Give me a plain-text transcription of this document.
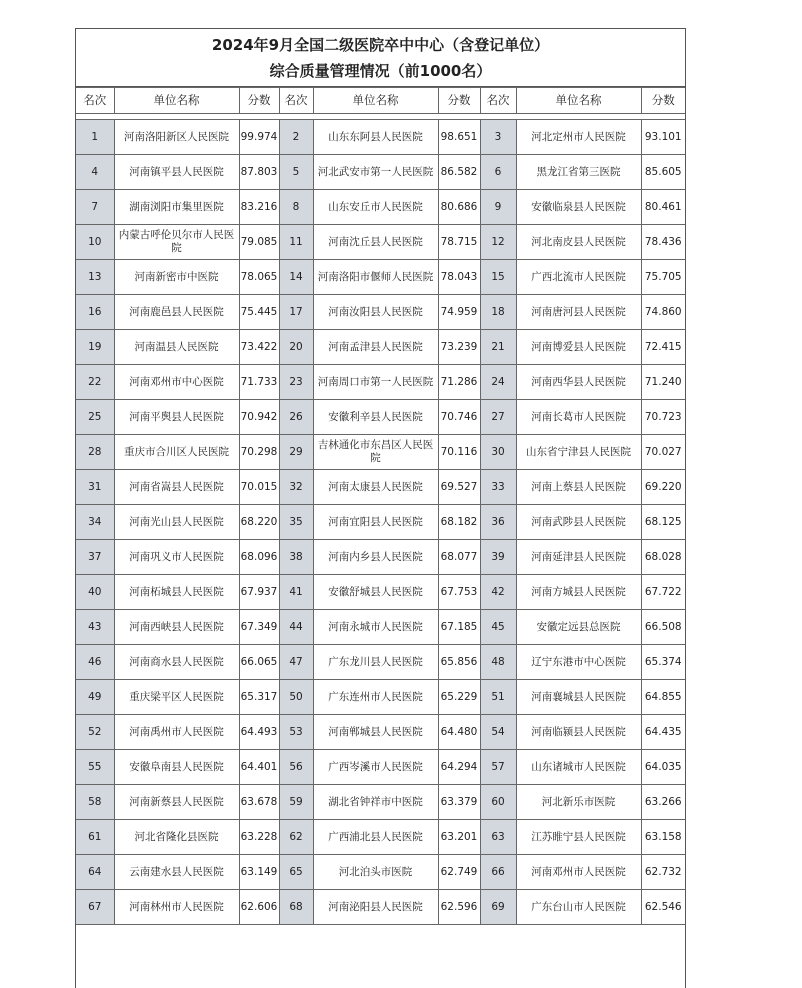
2024年9月全国二级医院卒中中心（含登记单位）
综合质量管理情况（前1000名）
名次	单位名称	分数	名次	单位名称	分数	名次	单位名称	分数

1	河南洛阳新区人民医院	99.974	2	山东东阿县人民医院	98.651	3	河北定州市人民医院	93.101
4	河南镇平县人民医院	87.803	5	河北武安市第一人民医院	86.582	6	黑龙江省第三医院	85.605
7	湖南浏阳市集里医院	83.216	8	山东安丘市人民医院	80.686	9	安徽临泉县人民医院	80.461
10	内蒙古呼伦贝尔市人民医院	79.085	11	河南沈丘县人民医院	78.715	12	河北南皮县人民医院	78.436
13	河南新密市中医院	78.065	14	河南洛阳市偃师人民医院	78.043	15	广西北流市人民医院	75.705
16	河南鹿邑县人民医院	75.445	17	河南汝阳县人民医院	74.959	18	河南唐河县人民医院	74.860
19	河南温县人民医院	73.422	20	河南孟津县人民医院	73.239	21	河南博爱县人民医院	72.415
22	河南邓州市中心医院	71.733	23	河南周口市第一人民医院	71.286	24	河南西华县人民医院	71.240
25	河南平舆县人民医院	70.942	26	安徽利辛县人民医院	70.746	27	河南长葛市人民医院	70.723
28	重庆市合川区人民医院	70.298	29	吉林通化市东昌区人民医院	70.116	30	山东省宁津县人民医院	70.027
31	河南省嵩县人民医院	70.015	32	河南太康县人民医院	69.527	33	河南上蔡县人民医院	69.220
34	河南光山县人民医院	68.220	35	河南宜阳县人民医院	68.182	36	河南武陟县人民医院	68.125
37	河南巩义市人民医院	68.096	38	河南内乡县人民医院	68.077	39	河南延津县人民医院	68.028
40	河南柘城县人民医院	67.937	41	安徽舒城县人民医院	67.753	42	河南方城县人民医院	67.722
43	河南西峡县人民医院	67.349	44	河南永城市人民医院	67.185	45	安徽定远县总医院	66.508
46	河南商水县人民医院	66.065	47	广东龙川县人民医院	65.856	48	辽宁东港市中心医院	65.374
49	重庆梁平区人民医院	65.317	50	广东连州市人民医院	65.229	51	河南襄城县人民医院	64.855
52	河南禹州市人民医院	64.493	53	河南郸城县人民医院	64.480	54	河南临颍县人民医院	64.435
55	安徽阜南县人民医院	64.401	56	广西岑溪市人民医院	64.294	57	山东诸城市人民医院	64.035
58	河南新蔡县人民医院	63.678	59	湖北省钟祥市中医院	63.379	60	河北新乐市医院	63.266
61	河北省隆化县医院	63.228	62	广西浦北县人民医院	63.201	63	江苏睢宁县人民医院	63.158
64	云南建水县人民医院	63.149	65	河北泊头市医院	62.749	66	河南邓州市人民医院	62.732
67	河南林州市人民医院	62.606	68	河南泌阳县人民医院	62.596	69	广东台山市人民医院	62.546
